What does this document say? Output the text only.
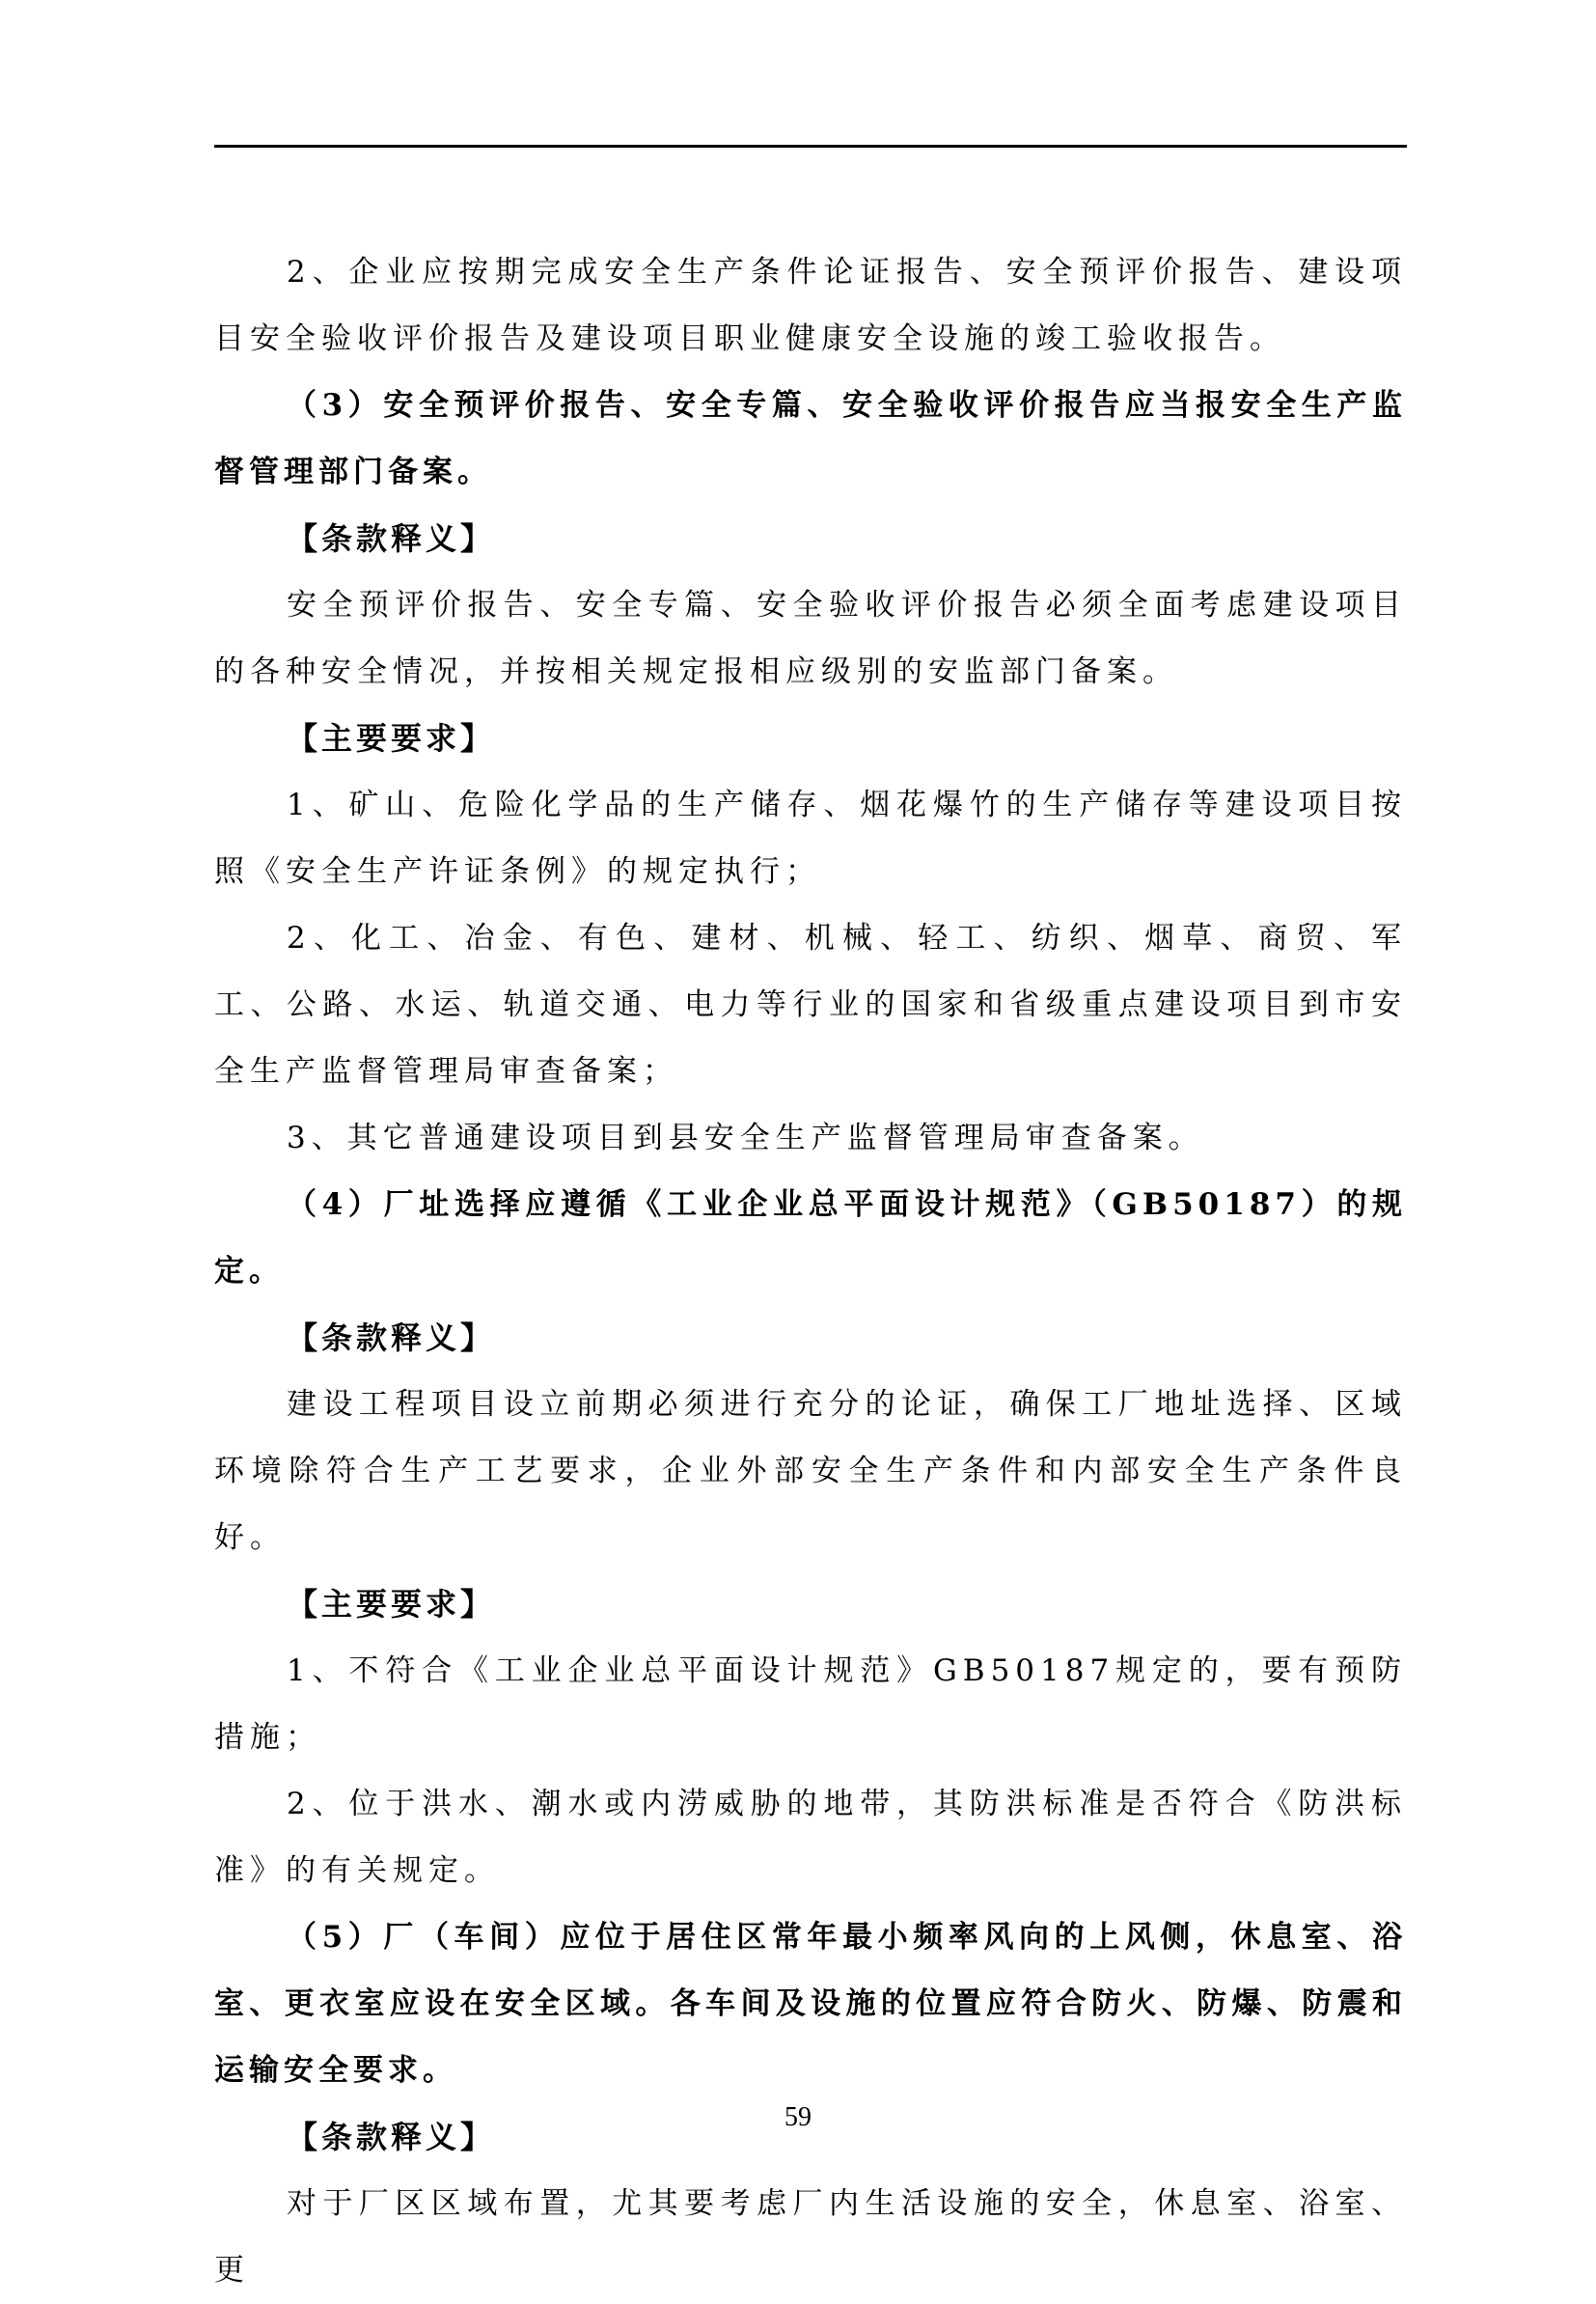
2、企业应按期完成安全生产条件论证报告、安全预评价报告、建设项目安全验收评价报告及建设项目职业健康安全设施的竣工验收报告。

（3）安全预评价报告、安全专篇、安全验收评价报告应当报安全生产监督管理部门备案。

【条款释义】

安全预评价报告、安全专篇、安全验收评价报告必须全面考虑建设项目的各种安全情况，并按相关规定报相应级别的安监部门备案。

【主要要求】

1、矿山、危险化学品的生产储存、烟花爆竹的生产储存等建设项目按照《安全生产许证条例》的规定执行；

2、化工、冶金、有色、建材、机械、轻工、纺织、烟草、商贸、军工、公路、水运、轨道交通、电力等行业的国家和省级重点建设项目到市安全生产监督管理局审查备案；

3、其它普通建设项目到县安全生产监督管理局审查备案。

（4）厂址选择应遵循《工业企业总平面设计规范》（GB50187）的规定。

【条款释义】

建设工程项目设立前期必须进行充分的论证，确保工厂地址选择、区域环境除符合生产工艺要求，企业外部安全生产条件和内部安全生产条件良好。

【主要要求】

1、不符合《工业企业总平面设计规范》GB50187规定的，要有预防措施；

2、位于洪水、潮水或内涝威胁的地带，其防洪标准是否符合《防洪标准》的有关规定。

（5）厂（车间）应位于居住区常年最小频率风向的上风侧，休息室、浴室、更衣室应设在安全区域。各车间及设施的位置应符合防火、防爆、防震和运输安全要求。

【条款释义】

对于厂区区域布置，尤其要考虑厂内生活设施的安全，休息室、浴室、更

59
